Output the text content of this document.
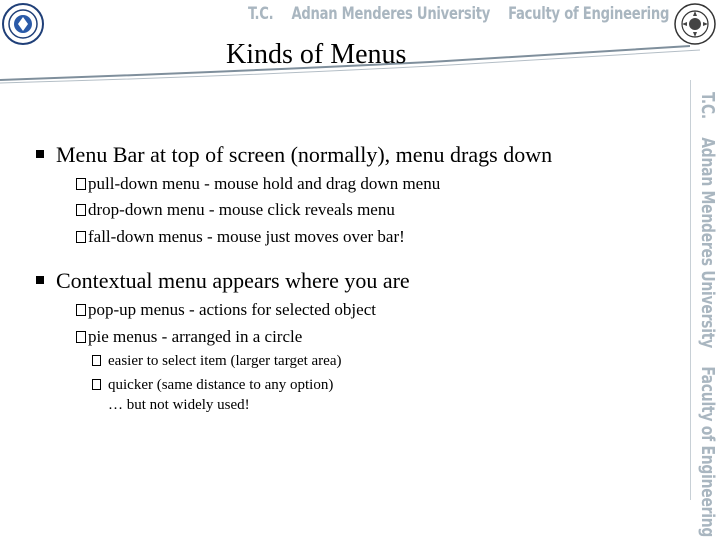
T.C. Adnan Menderes University Faculty of Engineering
Kinds of Menus
T.C. Adnan Menderes University Faculty of Engineering
Menu Bar at top of screen (normally), menu drags down
pull-down menu - mouse hold and drag down menu
drop-down menu - mouse click reveals menu
fall-down menus - mouse just moves over bar!
Contextual menu appears where you are
pop-up menus - actions for selected object
pie menus - arranged in a circle
easier to select item (larger target area)
quicker (same distance to any option)
… but not widely used!
